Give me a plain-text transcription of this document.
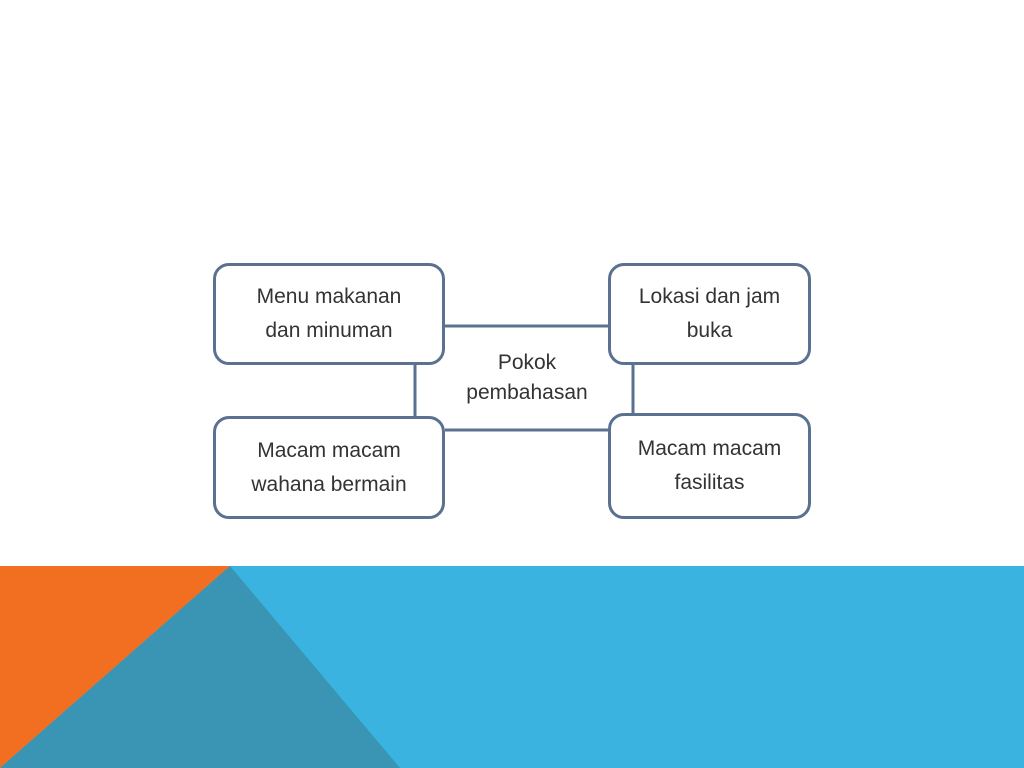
Pokok
pembahasan
Menu makanan
dan minuman
Lokasi dan jam
buka
Macam macam
wahana bermain
Macam macam
fasilitas
